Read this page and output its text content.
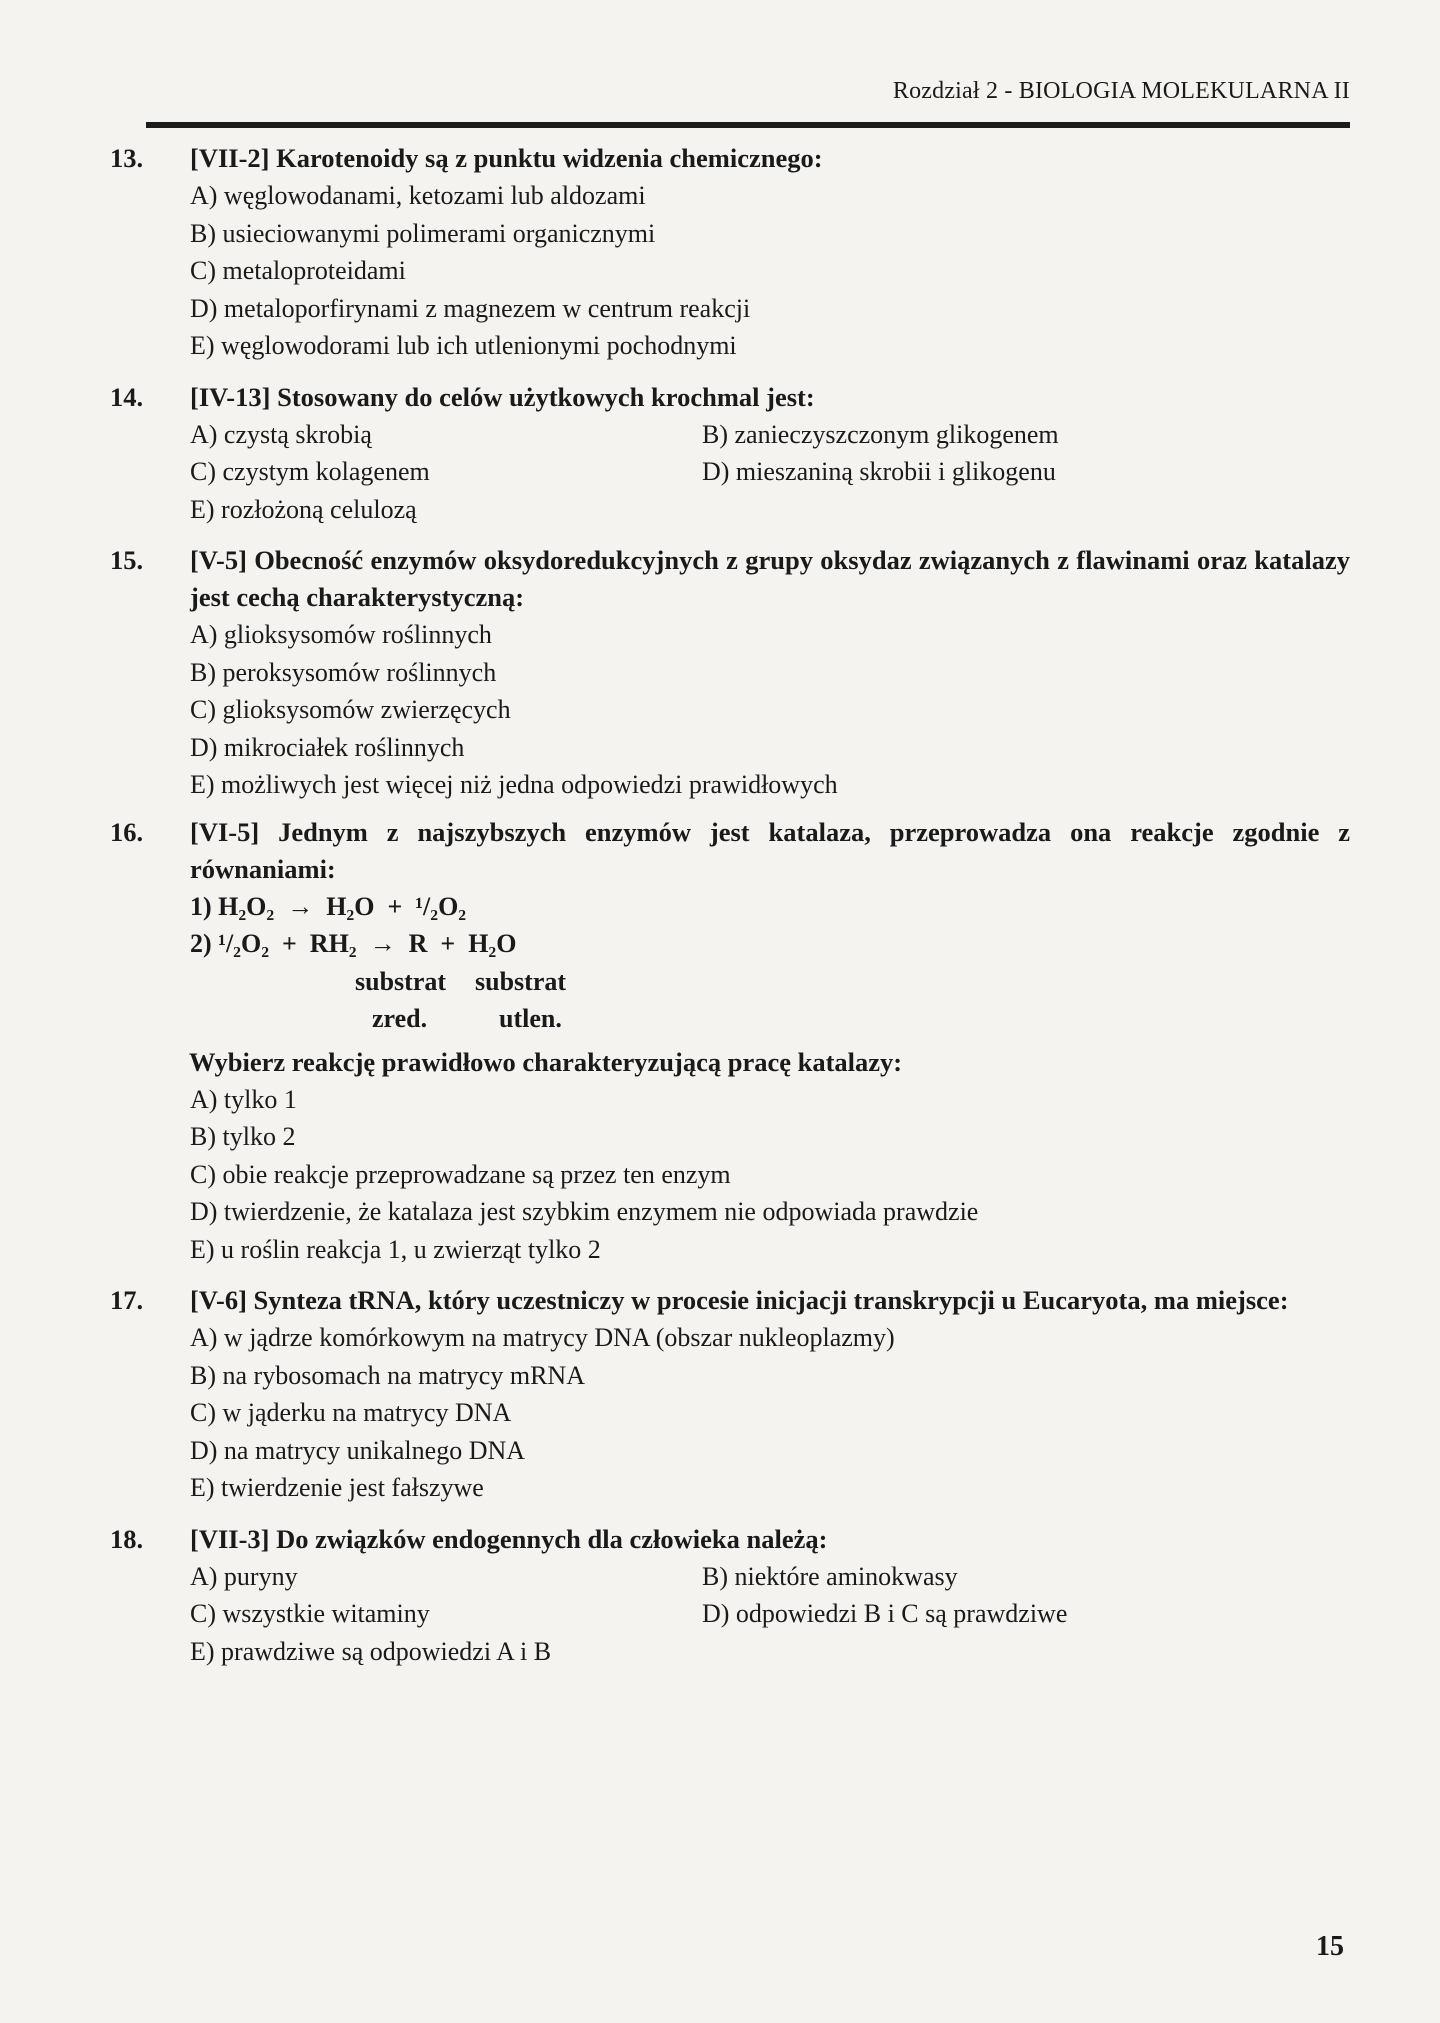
Rozdział 2 - BIOLOGIA MOLEKULARNA II
13. [VII-2] Karotenoidy są z punktu widzenia chemicznego:
A) węglowodanami, ketozami lub aldozami
B) usieciowanymi polimerami organicznymi
C) metaloproteidami
D) metaloporfirynami z magnezem w centrum reakcji
E) węglowodorami lub ich utlenionymi pochodnymi
14. [IV-13] Stosowany do celów użytkowych krochmal jest:
A) czystą skrobią	B) zanieczyszczonym glikogenem
C) czystym kolagenem	D) mieszaniną skrobii i glikogenu
E) rozłożoną celulozą
15. [V-5] Obecność enzymów oksydoredukcyjnych z grupy oksydaz związanych z flawinami oraz katalazy jest cechą charakterystyczną:
A) glioksysomów roślinnych
B) peroksysomów roślinnych
C) glioksysomów zwierzęcych
D) mikrociałek roślinnych
E) możliwych jest więcej niż jedna odpowiedzi prawidłowych
16. [VI-5] Jednym z najszybszych enzymów jest katalaza, przeprowadza ona reakcje zgodnie z równaniami:
1) H₂O₂  →  H₂O  +  ¹/₂O₂
2) ¹/₂O₂  +  RH₂  →  R  +  H₂O
substrat substrat
zred.	utlen.
Wybierz reakcję prawidłowo charakteryzującą pracę katalazy:
A) tylko 1
B) tylko 2
C) obie reakcje przeprowadzane są przez ten enzym
D) twierdzenie, że katalaza jest szybkim enzymem nie odpowiada prawdzie
E) u roślin reakcja 1, u zwierząt tylko 2
17. [V-6] Synteza tRNA, który uczestniczy w procesie inicjacji transkrypcji u Eucaryota, ma miejsce:
A) w jądrze komórkowym na matrycy DNA (obszar nukleoplazmy)
B) na rybosomach na matrycy mRNA
C) w jąderku na matrycy DNA
D) na matrycy unikalnego DNA
E) twierdzenie jest fałszywe
18. [VII-3] Do związków endogennych dla człowieka należą:
A) puryny	B) niektóre aminokwasy
C) wszystkie witaminy	D) odpowiedzi B i C są prawdziwe
E) prawdziwe są odpowiedzi A i B
15
